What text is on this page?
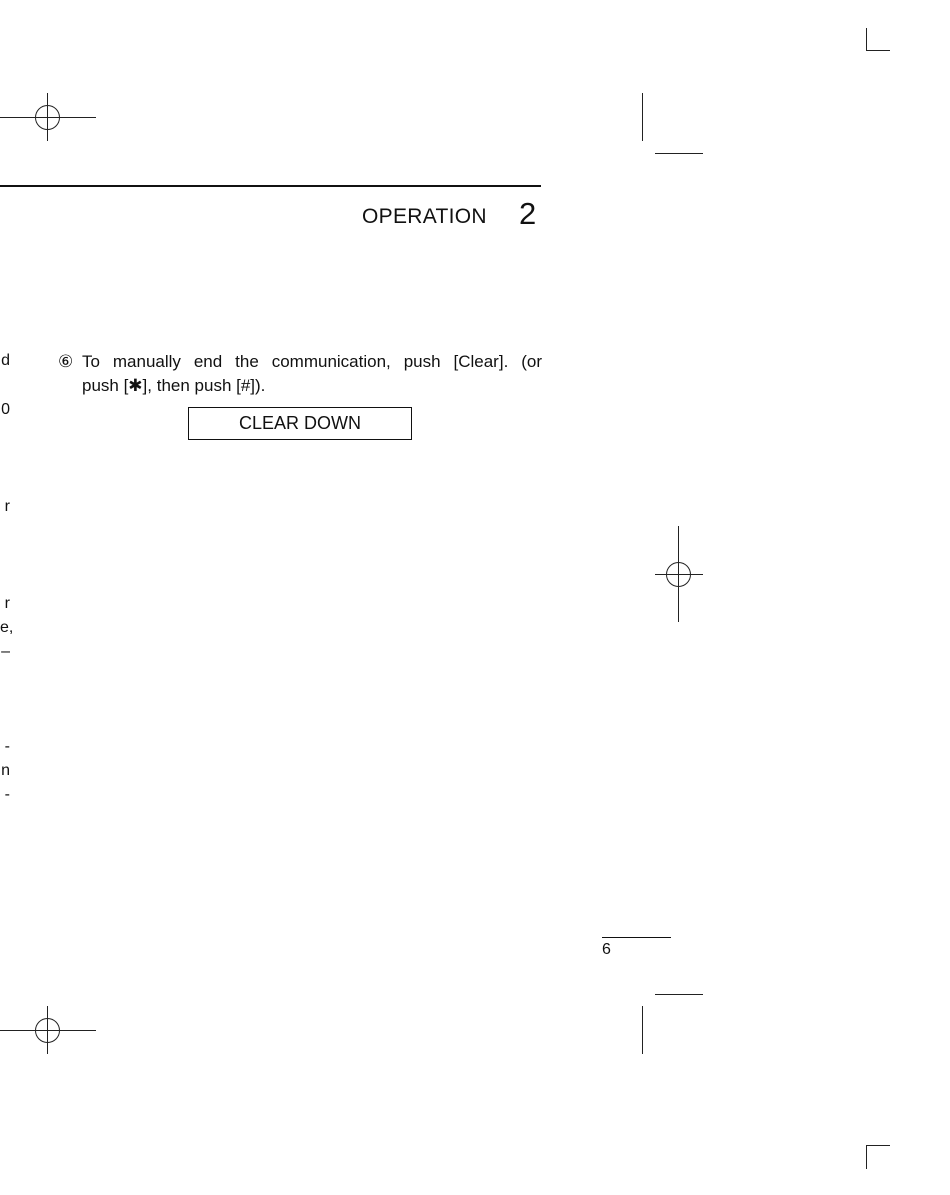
OPERATION 2
d
0
r
r
e,
–
-
n
-
⑥ To manually end the communication, push [Clear]. (or
push [✱], then push [#]).
CLEAR DOWN
6
